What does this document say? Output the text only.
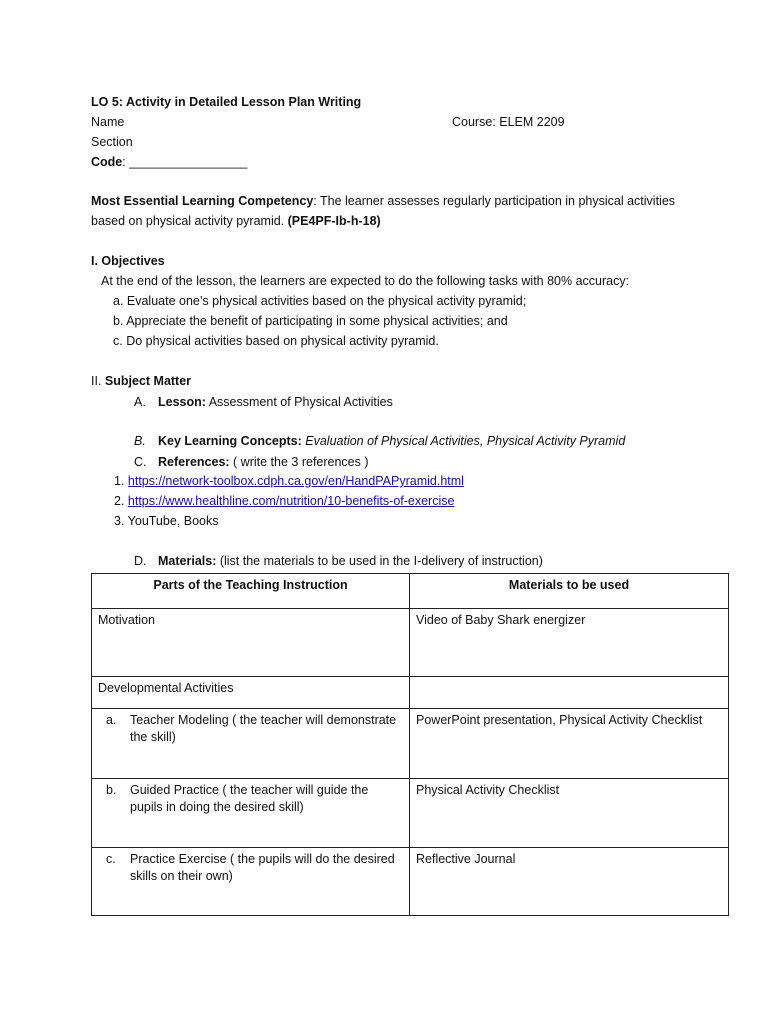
LO 5: Activity in Detailed Lesson Plan Writing
Name	Course: ELEM 2209
Section
Code: _________________
Most Essential Learning Competency: The learner assesses regularly participation in physical activities
based on physical activity pyramid. (PE4PF-Ib-h-18)
I. Objectives
At the end of the lesson, the learners are expected to do the following tasks with 80% accuracy:
a. Evaluate one’s physical activities based on the physical activity pyramid;
b. Appreciate the benefit of participating in some physical activities; and
c. Do physical activities based on physical activity pyramid.
II. Subject Matter
A. Lesson: Assessment of Physical Activities
B. Key Learning Concepts: Evaluation of Physical Activities, Physical Activity Pyramid
C. References: ( write the 3 references )
1. https://network-toolbox.cdph.ca.gov/en/HandPAPyramid.html
2. https://www.healthline.com/nutrition/10-benefits-of-exercise
3. YouTube, Books
D. Materials: (list the materials to be used in the I-delivery of instruction)
Parts of the Teaching Instruction	Materials to be used
Motivation	Video of Baby Shark energizer
Developmental Activities	

a. Teacher Modeling ( the teacher will demonstrate the skill)	PowerPoint presentation, Physical Activity Checklist

b. Guided Practice ( the teacher will guide the pupils in doing the desired skill)	Physical Activity Checklist

c. Practice Exercise ( the pupils will do the desired skills on their own)	Reflective Journal
